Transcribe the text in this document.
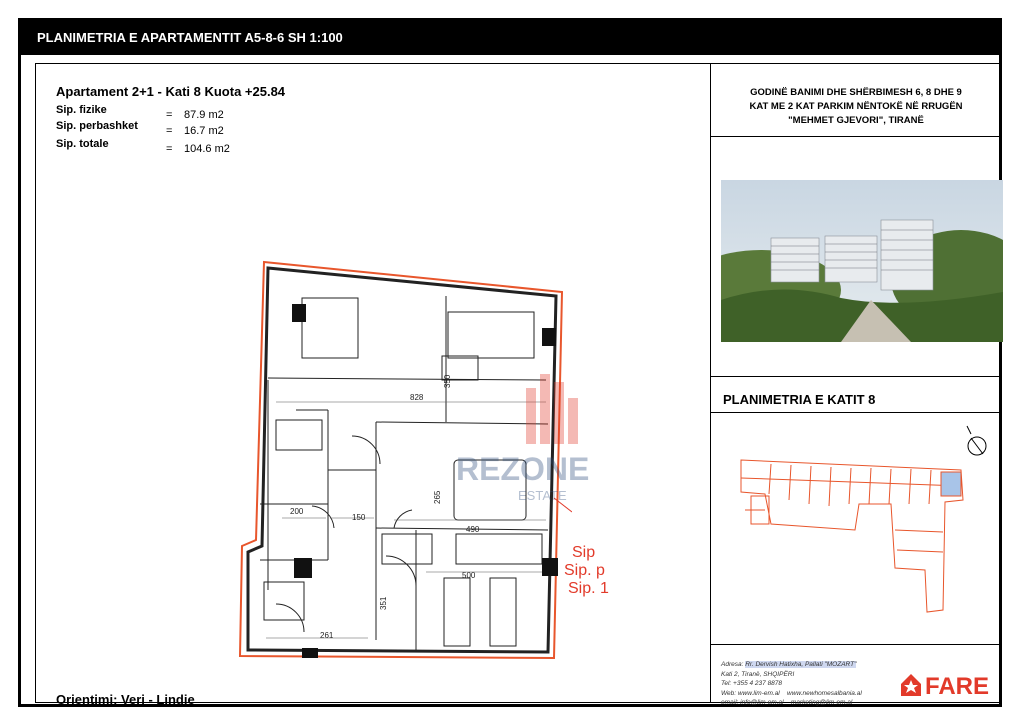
PLANIMETRIA E APARTAMENTIT A5-8-6 SH 1:100
Apartament 2+1 - Kati 8 Kuota +25.84
Sip. fizike	= 87.9 m2
Sip. perbashket	= 16.7 m2
Sip. totale	= 104.6 m2
828
350
265
200
150
490
500
351
261
Sip
Sip. p
Sip. 1
REZONE
ESTATE
Orientimi: Veri - Lindje
GODINË BANIMI DHE SHËRBIMESH 6, 8 DHE 9
KAT ME 2 KAT PARKIM NËNTOKË NË RRUGËN
"MEHMET GJEVORI", TIRANË
PLANIMETRIA E KATIT 8
Adresa: Rr. Dervish Hatixha, Pallati "MOZART"
Kati 2, Tiranë, SHQIPËRI
Tel: +355 4 237 8878
Web: www.lim-em.al www.newhomesalbania.al
email: info@lim-em.al marketing@lim-em.al
FARE
